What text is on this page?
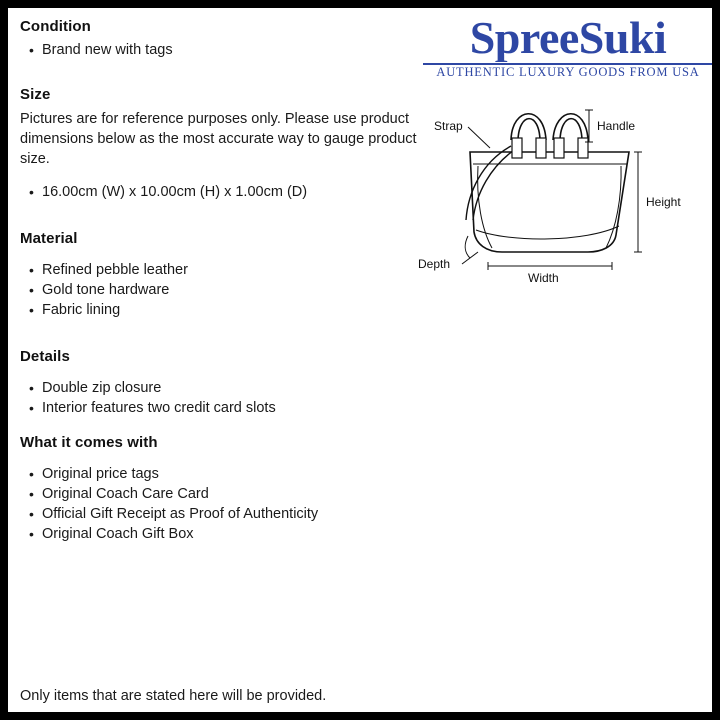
SpreeSuki
AUTHENTIC LUXURY GOODS FROM USA
Strap	Handle
Height
Width
Depth
Condition
• Brand new with tags
Size

Pictures are for reference purposes only. Please use product dimensions below as the most accurate way to gauge product size.

• 16.00cm (W) x 10.00cm (H) x 1.00cm (D)
Material
• Refined pebble leather
• Gold tone hardware
• Fabric lining
Details
• Double zip closure
• Interior features two credit card slots
What it comes with
• Original price tags
• Original Coach Care Card
• Official Gift Receipt as Proof of Authenticity
• Original Coach Gift Box
Only items that are stated here will be provided.
